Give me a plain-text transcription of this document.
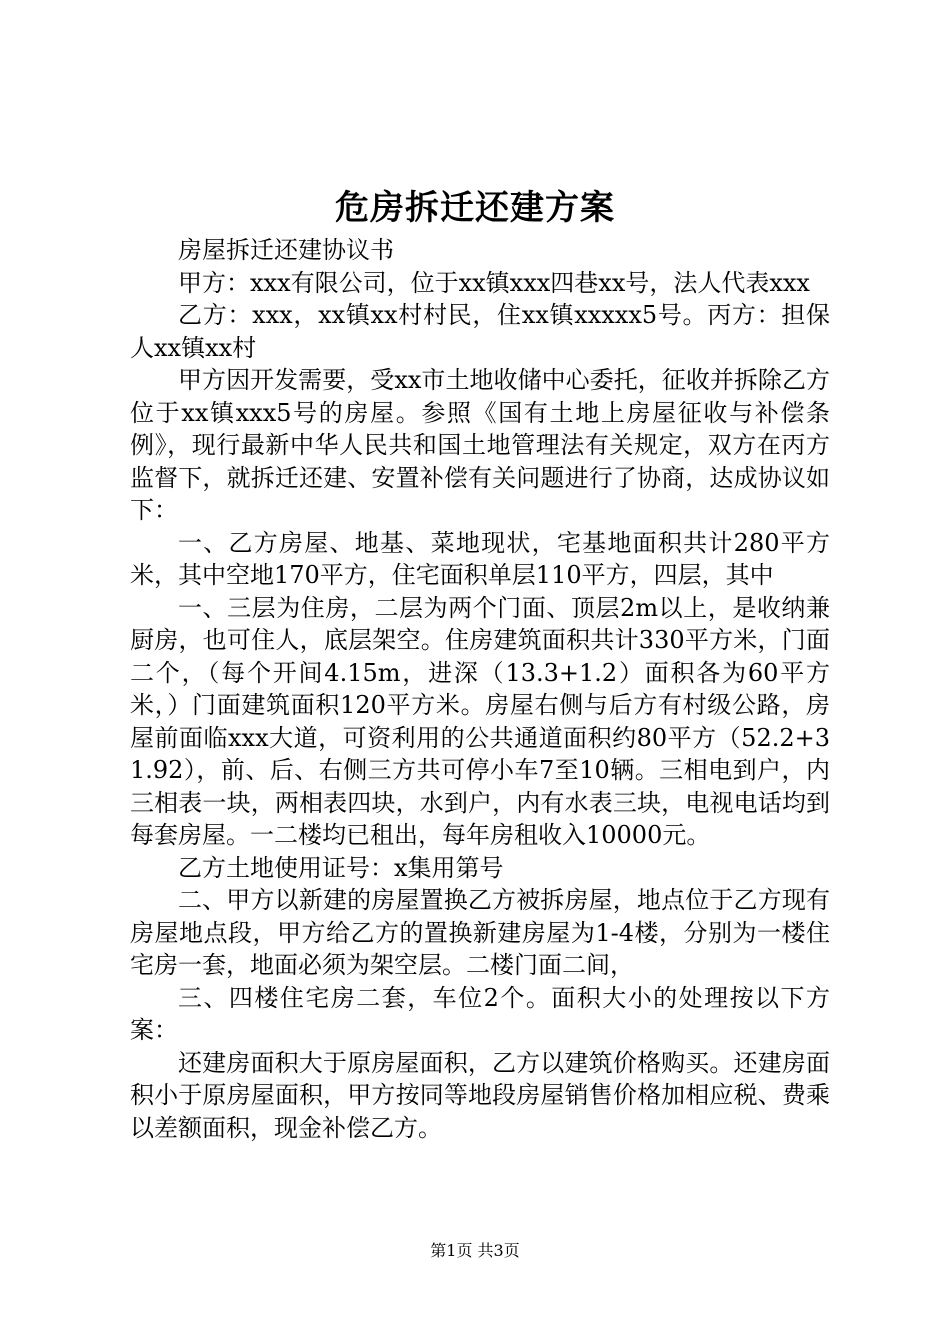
危房拆迁还建方案

房屋拆迁还建协议书

甲方：xxx有限公司，位于xx镇xxx四巷xx号，法人代表xxx

乙方：xxx，xx镇xx村村民，住xx镇xxxxx5号。丙方：担保人xx镇xx村

甲方因开发需要，受xx市土地收储中心委托，征收并拆除乙方位于xx镇xxx5号的房屋。参照《国有土地上房屋征收与补偿条例》，现行最新中华人民共和国土地管理法有关规定，双方在丙方监督下，就拆迁还建、安置补偿有关问题进行了协商，达成协议如下：

一、乙方房屋、地基、菜地现状，宅基地面积共计280平方米，其中空地170平方，住宅面积单层110平方，四层，其中

一、三层为住房，二层为两个门面、顶层2m以上，是收纳兼厨房，也可住人，底层架空。住房建筑面积共计330平方米，门面二个，（每个开间4.15m，进深（13.3+1.2）面积各为60平方米，）门面建筑面积120平方米。房屋右侧与后方有村级公路，房屋前面临xxx大道，可资利用的公共通道面积约80平方（52.2+31.92），前、后、右侧三方共可停小车7至10辆。三相电到户，内三相表一块，两相表四块，水到户，内有水表三块，电视电话均到每套房屋。一二楼均已租出，每年房租收入10000元。

乙方土地使用证号：x集用第号

二、甲方以新建的房屋置换乙方被拆房屋，地点位于乙方现有房屋地点段，甲方给乙方的置换新建房屋为1-4楼，分别为一楼住宅房一套，地面必须为架空层。二楼门面二间，

三、四楼住宅房二套，车位2个。面积大小的处理按以下方案：

还建房面积大于原房屋面积，乙方以建筑价格购买。还建房面积小于原房屋面积，甲方按同等地段房屋销售价格加相应税、费乘以差额面积，现金补偿乙方。

第1页 共3页
